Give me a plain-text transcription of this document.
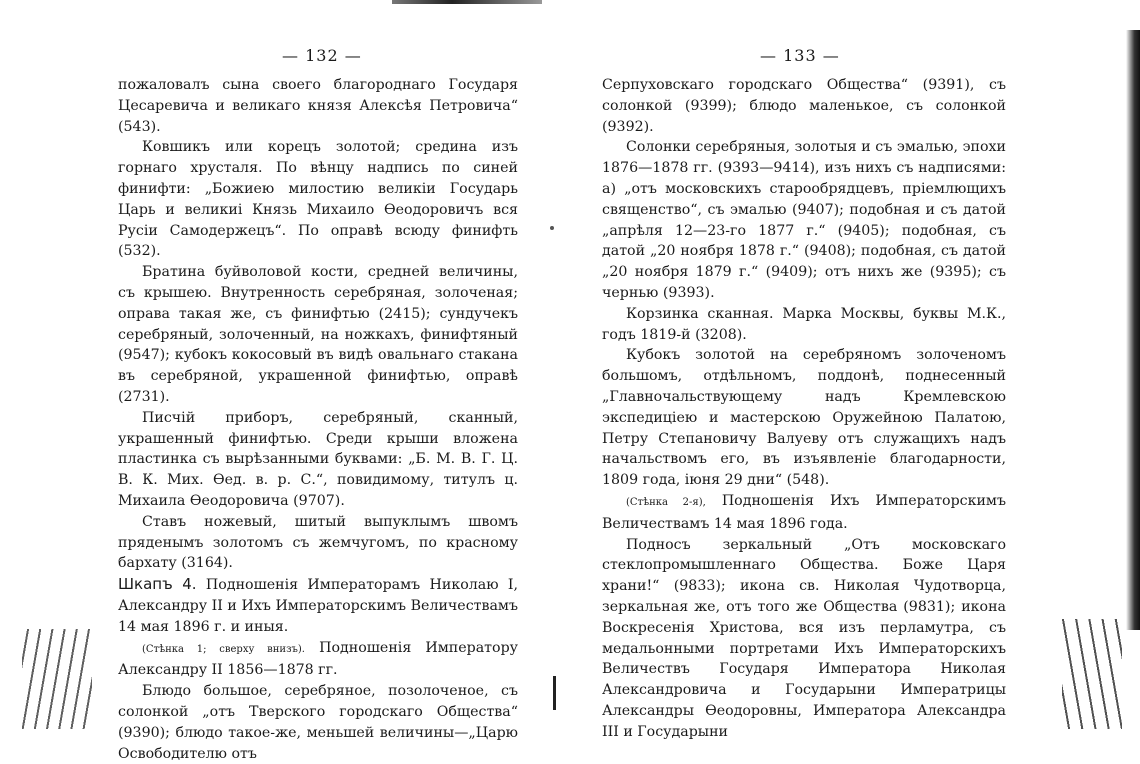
— 132 —

пожаловалъ сына своего благороднаго Государя Цесаревича и великаго князя Алексѣя Петровича“ (543).

Ковшикъ или корецъ золотой; средина изъ горнаго хрусталя. По вѣнцу надпись по синей финифти: „Божиею милостию великіи Государь Царь и великиі Князь Михаило Өеодоровичъ вся Русіи Самодержецъ“. По оправѣ всюду финифть (532).

Братина буйволовой кости, средней величины, съ крышею. Внутренность серебряная, золоченая; оправа такая же, съ финифтью (2415); сундучекъ серебряный, золоченный, на ножкахъ, финифтяный (9547); кубокъ кокосовый въ видѣ овальнаго стакана въ серебряной, украшенной финифтью, оправѣ (2731).

Писчій приборъ, серебряный, сканный, украшенный финифтью. Среди крыши вложена пластинка съ вырѣзанными буквами: „Б. М. В. Г. Ц. В. К. Мих. Өед. в. р. С.“, повидимому, титулъ ц. Михаила Өеодоровича (9707).

Ставъ ножевый, шитый выпуклымъ швомъ пряденымъ золотомъ съ жемчугомъ, по красному бархату (3164).

Шкапъ 4. Подношенія Императорамъ Николаю I, Александру II и Ихъ Императорскимъ Величествамъ 14 мая 1896 г. и иныя.

(Стѣнка 1; сверху внизъ). Подношенія Императору Александру II 1856—1878 гг.

Блюдо большое, серебряное, позолоченое, съ солонкой „отъ Тверского городскаго Общества“ (9390); блюдо такое-же, меньшей величины—„Царю Освободителю отъ

— 133 —

Серпуховскаго городскаго Общества“ (9391), съ солонкой (9399); блюдо маленькое, съ солонкой (9392).

Солонки серебряныя, золотыя и съ эмалью, эпохи 1876—1878 гг. (9393—9414), изъ нихъ съ надписями: а) „отъ московскихъ старообрядцевъ, пріемлющихъ священство“, съ эмалью (9407); подобная и съ датой „апрѣля 12—23-го 1877 г.“ (9405); подобная, съ датой „20 ноября 1878 г.“ (9408); подобная, съ датой „20 ноября 1879 г.“ (9409); отъ нихъ же (9395); съ чернью (9393).

Корзинка сканная. Марка Москвы, буквы М.К., годъ 1819-й (3208).

Кубокъ золотой на серебряномъ золоченомъ большомъ, отдѣльномъ, поддонѣ, поднесенный „Главночальствующему надъ Кремлевскою экспедиціею и мастерскою Оружейною Палатою, Петру Степановичу Валуеву отъ служащихъ надъ начальствомъ его, въ изъявленіе благодарности, 1809 года, іюня 29 дни“ (548).

(Стѣнка 2-я), Подношенія Ихъ Императорскимъ Величествамъ 14 мая 1896 года.

Подносъ зеркальный „Отъ московскаго стеклопромышленнаго Общества. Боже Царя храни!“ (9833); икона св. Николая Чудотворца, зеркальная же, отъ того же Общества (9831); икона Воскресенія Христова, вся изъ перламутра, съ медальонными портретами Ихъ Императорскихъ Величествъ Государя Императора Николая Александровича и Государыни Императрицы Александры Өеодоровны, Императора Александра III и Государыни
